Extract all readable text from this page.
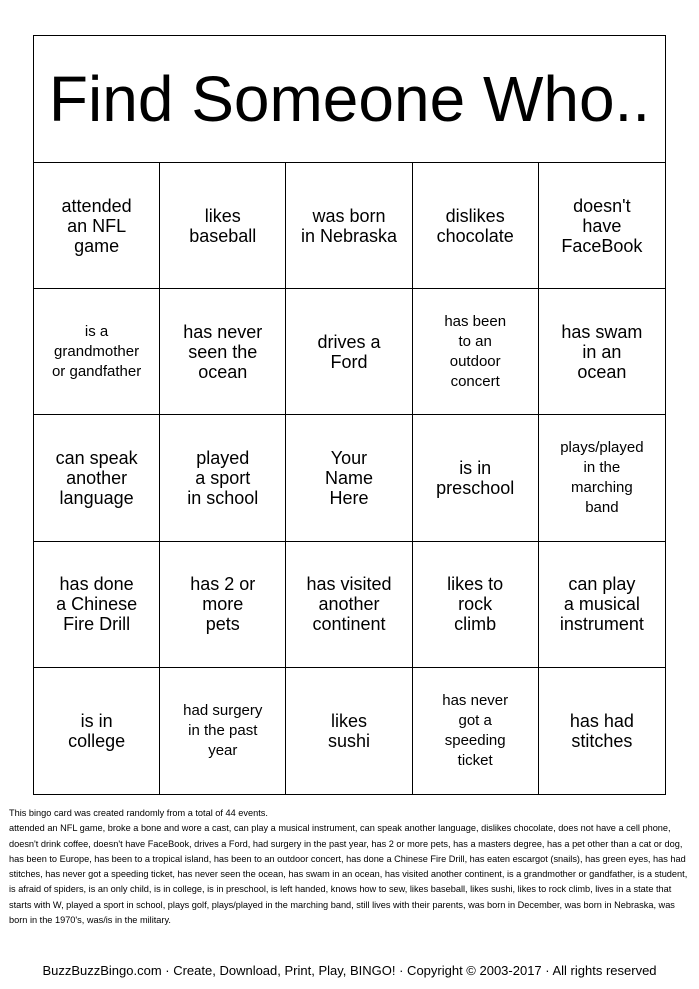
Find Someone Who..
attended
an NFL
game
likes
baseball
was born
in Nebraska
dislikes
chocolate
doesn't
have
FaceBook
is a
grandmother
or gandfather
has never
seen the
ocean
drives a
Ford
has been
to an
outdoor
concert
has swam
in an
ocean
can speak
another
language
played
a sport
in school
Your
Name
Here
is in
preschool
plays/played
in the
marching
band
has done
a Chinese
Fire Drill
has 2 or
more
pets
has visited
another
continent
likes to
rock
climb
can play
a musical
instrument
is in
college
had surgery
in the past
year
likes
sushi
has never
got a
speeding
ticket
has had
stitches
This bingo card was created randomly from a total of 44 events.
attended an NFL game, broke a bone and wore a cast, can play a musical instrument, can speak another language, dislikes chocolate, does not have a cell phone, doesn't drink coffee, doesn't have FaceBook, drives a Ford, had surgery in the past year, has 2 or more pets, has a masters degree, has a pet other than a cat or dog, has been to Europe, has been to a tropical island, has been to an outdoor concert, has done a Chinese Fire Drill, has eaten escargot (snails), has green eyes, has had stitches, has never got a speeding ticket, has never seen the ocean, has swam in an ocean, has visited another continent, is a grandmother or gandfather, is a student, is afraid of spiders, is an only child, is in college, is in preschool, is left handed, knows how to sew, likes baseball, likes sushi, likes to rock climb, lives in a state that starts with W, played a sport in school, plays golf, plays/played in the marching band, still lives with their parents, was born in December, was born in Nebraska, was born in the 1970's, was/is in the military.
BuzzBuzzBingo.com · Create, Download, Print, Play, BINGO! · Copyright © 2003-2017 · All rights reserved
